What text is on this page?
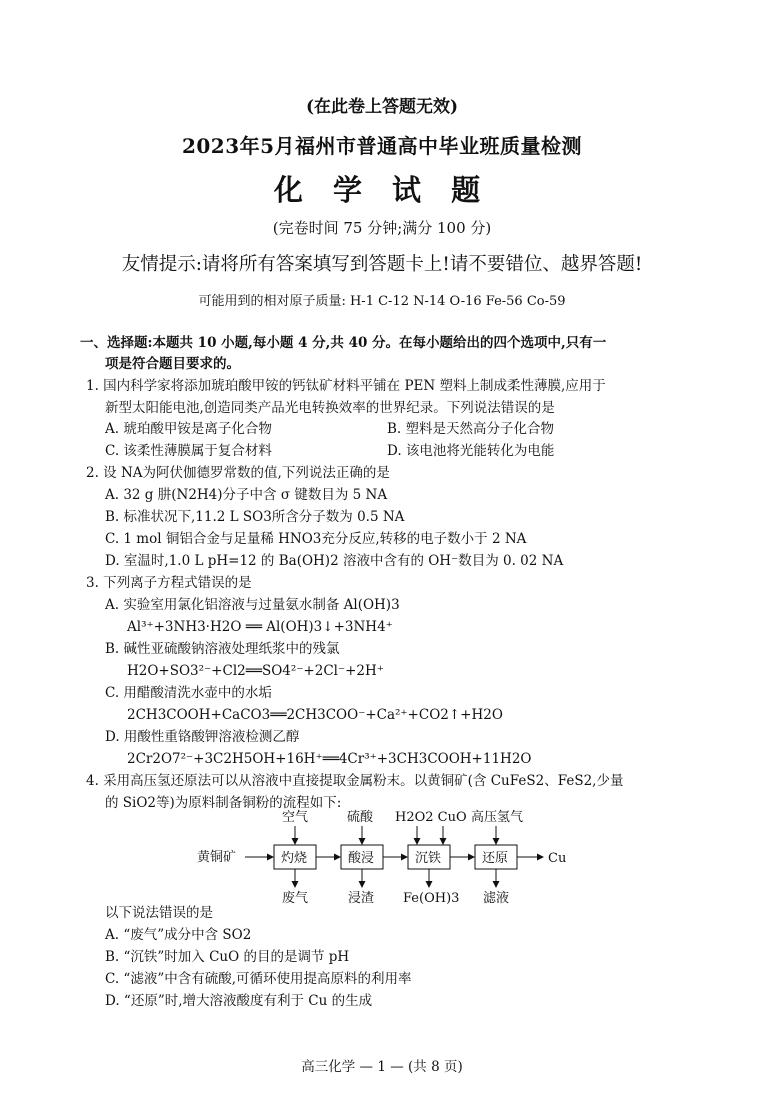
(在此卷上答题无效)
2023年5月福州市普通高中毕业班质量检测
化 学 试 题
(完卷时间 75 分钟;满分 100 分)
友情提示:请将所有答案填写到答题卡上!请不要错位、越界答题!
可能用到的相对原子质量: H-1 C-12 N-14 O-16 Fe-56 Co-59
一、选择题:本题共 10 小题,每小题 4 分,共 40 分。在每小题给出的四个选项中,只有一
项是符合题目要求的。
1. 国内科学家将添加琥珀酸甲铵的钙钛矿材料平铺在 PEN 塑料上制成柔性薄膜,应用于
新型太阳能电池,创造同类产品光电转换效率的世界纪录。下列说法错误的是
A. 琥珀酸甲铵是离子化合物	B. 塑料是天然高分子化合物
C. 该柔性薄膜属于复合材料	D. 该电池将光能转化为电能
2. 设 NA为阿伏伽德罗常数的值,下列说法正确的是
A. 32 g 肼(N2H4)分子中含 σ 键数目为 5 NA
B. 标准状况下,11.2 L SO3所含分子数为 0.5 NA
C. 1 mol 铜铝合金与足量稀 HNO3充分反应,转移的电子数小于 2 NA
D. 室温时,1.0 L pH=12 的 Ba(OH)2 溶液中含有的 OH⁻数目为 0. 02 NA
3. 下列离子方程式错误的是
A. 实验室用氯化铝溶液与过量氨水制备 Al(OH)3
Al³⁺+3NH3·H2O ══ Al(OH)3↓+3NH4⁺
B. 碱性亚硫酸钠溶液处理纸浆中的残氯
H2O+SO3²⁻+Cl2══SO4²⁻+2Cl⁻+2H⁺
C. 用醋酸清洗水壶中的水垢
2CH3COOH+CaCO3══2CH3COO⁻+Ca²⁺+CO2↑+H2O
D. 用酸性重铬酸钾溶液检测乙醇
2Cr2O7²⁻+3C2H5OH+16H⁺══4Cr³⁺+3CH3COOH+11H2O
4. 采用高压氢还原法可以从溶液中直接提取金属粉末。以黄铜矿(含 CuFeS2、FeS2,少量
的 SiO2等)为原料制备铜粉的流程如下:
黄铜矿	灼烧	酸浸	沉铁	还原	Cu
空气	硫酸 H2O2 CuO 高压氢气
废气	浸渣 Fe(OH)3 滤液
以下说法错误的是
A. “废气”成分中含 SO2
B. “沉铁”时加入 CuO 的目的是调节 pH
C. “滤液”中含有硫酸,可循环使用提高原料的利用率
D. “还原”时,增大溶液酸度有利于 Cu 的生成
高三化学 — 1 — (共 8 页)
